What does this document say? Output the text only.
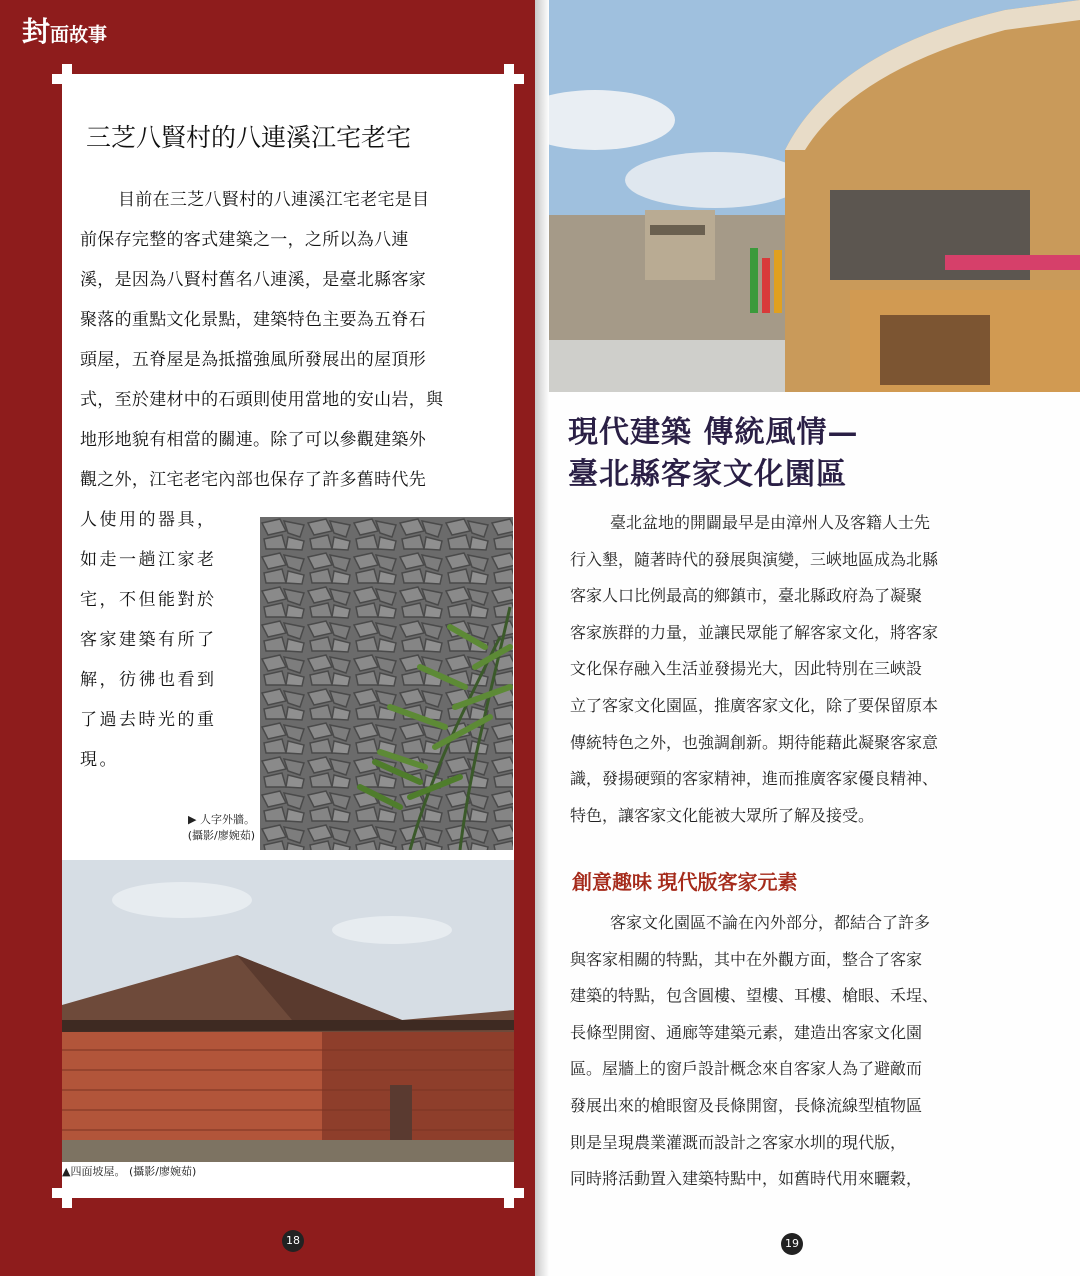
封面故事
三芝八賢村的八連溪江宅老宅
目前在三芝八賢村的八連溪江宅老宅是目
前保存完整的客式建築之一，之所以為八連
溪，是因為八賢村舊名八連溪，是臺北縣客家
聚落的重點文化景點，建築特色主要為五脊石
頭屋，五脊屋是為抵擋強風所發展出的屋頂形
式，至於建材中的石頭則使用當地的安山岩，與
地形地貌有相當的關連。除了可以參觀建築外
觀之外，江宅老宅內部也保存了許多舊時代先
人使用的器具，
如走一趟江家老
宅，不但能對於
客家建築有所了
解，彷彿也看到
了過去時光的重
現。
▶ 人字外牆。
(攝影/廖婉茹)
▲四面坡屋。 (攝影/廖婉茹)
18
現代建築 傳統風情—
臺北縣客家文化園區
臺北盆地的開闢最早是由漳州人及客籍人士先
行入墾，隨著時代的發展與演變，三峽地區成為北縣
客家人口比例最高的鄉鎮市，臺北縣政府為了凝聚
客家族群的力量，並讓民眾能了解客家文化，將客家
文化保存融入生活並發揚光大，因此特別在三峽設
立了客家文化園區，推廣客家文化，除了要保留原本
傳統特色之外，也強調創新。期待能藉此凝聚客家意
識，發揚硬頸的客家精神，進而推廣客家優良精神、
特色，讓客家文化能被大眾所了解及接受。
創意趣味 現代版客家元素
客家文化園區不論在內外部分，都結合了許多
與客家相關的特點，其中在外觀方面，整合了客家
建築的特點，包含圓樓、望樓、耳樓、槍眼、禾埕、
長條型開窗、通廊等建築元素，建造出客家文化園
區。屋牆上的窗戶設計概念來自客家人為了避敵而
發展出來的槍眼窗及長條開窗，長條流線型植物區
則是呈現農業灌溉而設計之客家水圳的現代版，
同時將活動置入建築特點中，如舊時代用來曬穀，
19
